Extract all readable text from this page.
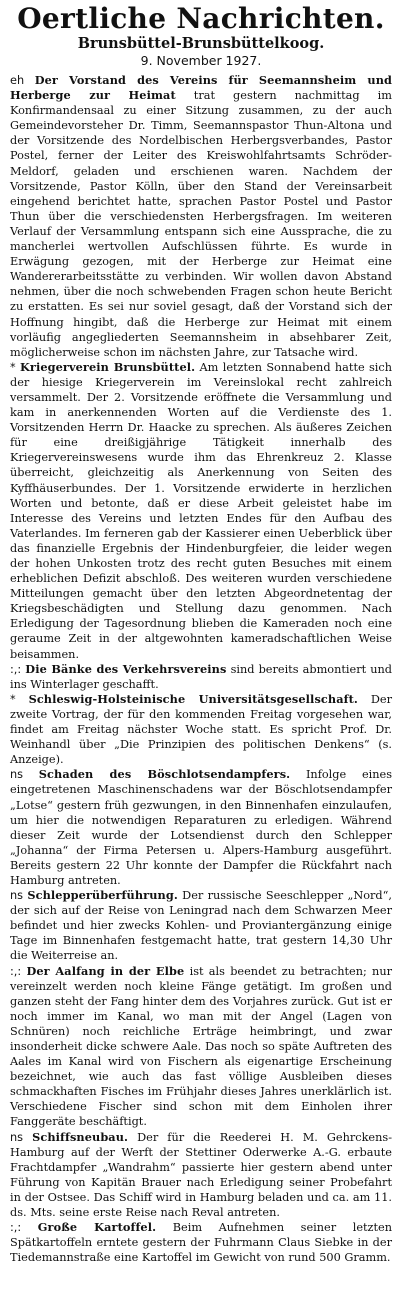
Oertliche Nachrichten.
Brunsbüttel-Brunsbüttelkoog.
9. November 1927.

eh Der Vorstand des Vereins für Seemannsheim und Herberge zur Heimat trat gestern nachmittag im Konfirmandensaal zu einer Sitzung zusammen, zu der auch Gemeindevorsteher Dr. Timm, Seemannspastor Thun-Altona und der Vorsitzende des Nordelbischen Herbergsverbandes, Pastor Postel, ferner der Leiter des Kreiswohlfahrtsamts Schröder-Meldorf, geladen und erschienen waren. Nachdem der Vorsitzende, Pastor Kölln, über den Stand der Vereinsarbeit eingehend berichtet hatte, sprachen Pastor Postel und Pastor Thun über die verschiedensten Herbergsfragen. Im weiteren Verlauf der Versammlung entspann sich eine Aussprache, die zu mancherlei wertvollen Aufschlüssen führte. Es wurde in Erwägung gezogen, mit der Herberge zur Heimat eine Wandererarbeitsstätte zu verbinden. Wir wollen davon Abstand nehmen, über die noch schwebenden Fragen schon heute Bericht zu erstatten. Es sei nur soviel gesagt, daß der Vorstand sich der Hoffnung hingibt, daß die Herberge zur Heimat mit einem vorläufig angegliederten Seemannsheim in absehbarer Zeit, möglicherweise schon im nächsten Jahre, zur Tatsache wird.

* Kriegerverein Brunsbüttel. Am letzten Sonnabend hatte sich der hiesige Kriegerverein im Vereinslokal recht zahlreich versammelt. Der 2. Vorsitzende eröffnete die Versammlung und kam in anerkennenden Worten auf die Verdienste des 1. Vorsitzenden Herrn Dr. Haacke zu sprechen. Als äußeres Zeichen für eine dreißigjährige Tätigkeit innerhalb des Kriegervereinswesens wurde ihm das Ehrenkreuz 2. Klasse überreicht, gleichzeitig als Anerkennung von Seiten des Kyffhäuserbundes. Der 1. Vorsitzende erwiderte in herzlichen Worten und betonte, daß er diese Arbeit geleistet habe im Interesse des Vereins und letzten Endes für den Aufbau des Vaterlandes. Im ferneren gab der Kassierer einen Ueberblick über das finanzielle Ergebnis der Hindenburgfeier, die leider wegen der hohen Unkosten trotz des recht guten Besuches mit einem erheblichen Defizit abschloß. Des weiteren wurden verschiedene Mitteilungen gemacht über den letzten Abgeordnetentag der Kriegsbeschädigten und Stellung dazu genommen. Nach Erledigung der Tagesordnung blieben die Kameraden noch eine geraume Zeit in der altgewohnten kameradschaftlichen Weise beisammen.

:,: Die Bänke des Verkehrsvereins sind bereits abmontiert und ins Winterlager geschafft.

* Schleswig-Holsteinische Universitätsgesellschaft. Der zweite Vortrag, der für den kommenden Freitag vorgesehen war, findet am Freitag nächster Woche statt. Es spricht Prof. Dr. Weinhandl über „Die Prinzipien des politischen Denkens“ (s. Anzeige).

ns Schaden des Böschlotsendampfers. Infolge eines eingetretenen Maschinenschadens war der Böschlotsendampfer „Lotse“ gestern früh gezwungen, in den Binnenhafen einzulaufen, um hier die notwendigen Reparaturen zu erledigen. Während dieser Zeit wurde der Lotsendienst durch den Schlepper „Johanna“ der Firma Petersen u. Alpers-Hamburg ausgeführt. Bereits gestern 22 Uhr konnte der Dampfer die Rückfahrt nach Hamburg antreten.

ns Schlepperüberführung. Der russische Seeschlepper „Nord“, der sich auf der Reise von Leningrad nach dem Schwarzen Meer befindet und hier zwecks Kohlen- und Proviantergänzung einige Tage im Binnenhafen festgemacht hatte, trat gestern 14,30 Uhr die Weiterreise an.

:,: Der Aalfang in der Elbe ist als beendet zu betrachten; nur vereinzelt werden noch kleine Fänge getätigt. Im großen und ganzen steht der Fang hinter dem des Vorjahres zurück. Gut ist er noch immer im Kanal, wo man mit der Angel (Lagen von Schnüren) noch reichliche Erträge heimbringt, und zwar insonderheit dicke schwere Aale. Das noch so späte Auftreten des Aales im Kanal wird von Fischern als eigenartige Erscheinung bezeichnet, wie auch das fast völlige Ausbleiben dieses schmackhaften Fisches im Frühjahr dieses Jahres unerklärlich ist. Verschiedene Fischer sind schon mit dem Einholen ihrer Fanggeräte beschäftigt.

ns Schiffsneubau. Der für die Reederei H. M. Gehrckens-Hamburg auf der Werft der Stettiner Oderwerke A.-G. erbaute Frachtdampfer „Wandrahm“ passierte hier gestern abend unter Führung von Kapitän Brauer nach Erledigung seiner Probefahrt in der Ostsee. Das Schiff wird in Hamburg beladen und ca. am 11. ds. Mts. seine erste Reise nach Reval antreten.

:,: Große Kartoffel. Beim Aufnehmen seiner letzten Spätkartoffeln erntete gestern der Fuhrmann Claus Siebke in der Tiedemannstraße eine Kartoffel im Gewicht von rund 500 Gramm.
